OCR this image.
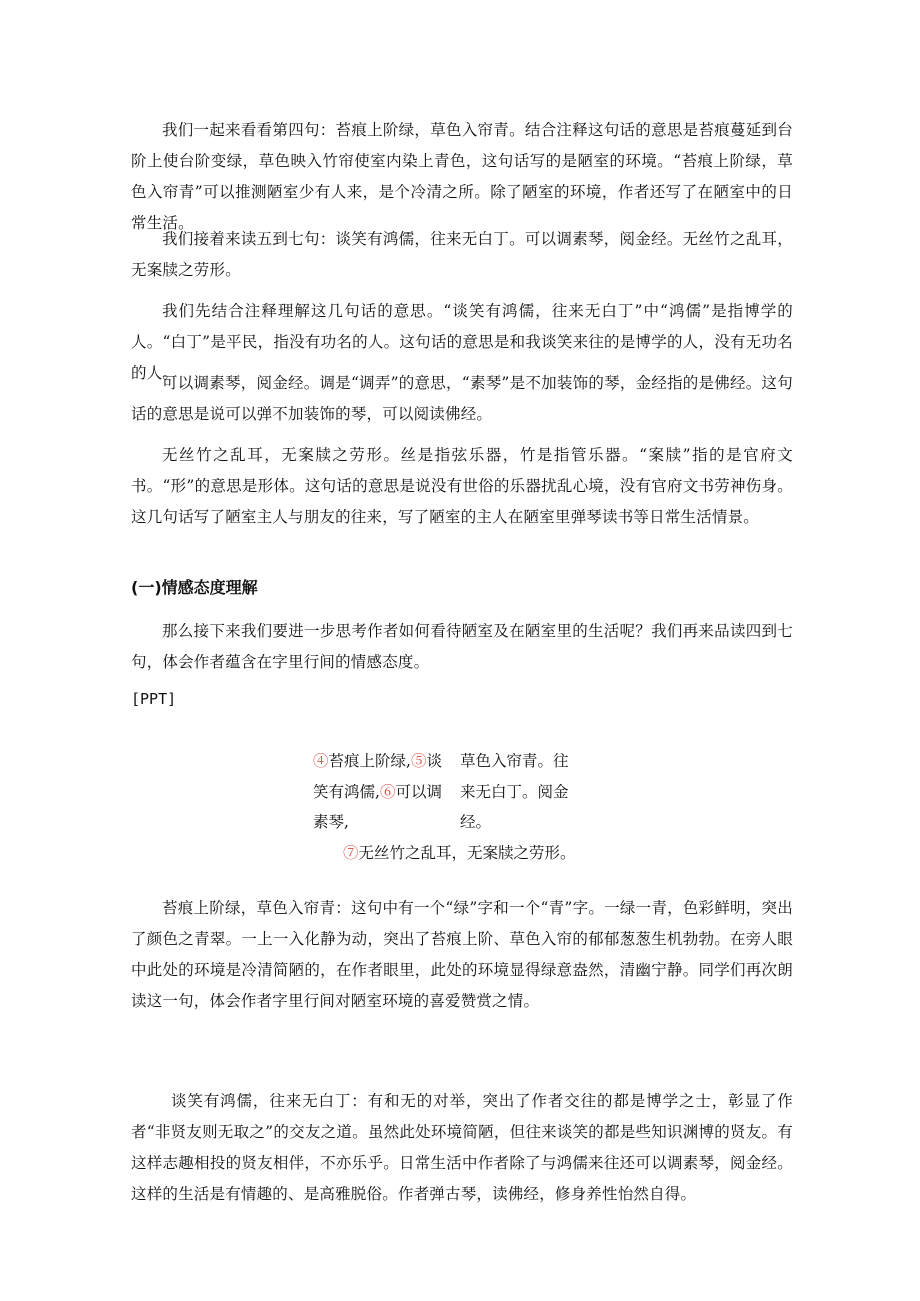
我们一起来看看第四句：苔痕上阶绿，草色入帘青。结合注释这句话的意思是苔痕蔓延到台阶上使台阶变绿，草色映入竹帘使室内染上青色，这句话写的是陋室的环境。“苔痕上阶绿，草色入帘青”可以推测陋室少有人来，是个冷清之所。除了陋室的环境，作者还写了在陋室中的日常生活。

我们接着来读五到七句：谈笑有鸿儒，往来无白丁。可以调素琴，阅金经。无丝竹之乱耳，无案牍之劳形。

我们先结合注释理解这几句话的意思。“谈笑有鸿儒，往来无白丁”中“鸿儒”是指博学的人。“白丁”是平民，指没有功名的人。这句话的意思是和我谈笑来往的是博学的人，没有无功名的人。

可以调素琴，阅金经。调是“调弄”的意思，“素琴”是不加装饰的琴，金经指的是佛经。这句话的意思是说可以弹不加装饰的琴，可以阅读佛经。

无丝竹之乱耳，无案牍之劳形。丝是指弦乐器，竹是指管乐器。“案牍”指的是官府文书。“形”的意思是形体。这句话的意思是说没有世俗的乐器扰乱心境，没有官府文书劳神伤身。这几句话写了陋室主人与朋友的往来，写了陋室的主人在陋室里弹琴读书等日常生活情景。

(一)情感态度理解

那么接下来我们要进一步思考作者如何看待陋室及在陋室里的生活呢？我们再来品读四到七句，体会作者蕴含在字里行间的情感态度。

[PPT]
④苔痕上阶绿,⑤谈
笑有鸿儒,⑥可以调
素琴,
草色入帘青。往
来无白丁。阅金
经。
⑦无丝竹之乱耳，无案牍之劳形。

苔痕上阶绿，草色入帘青：这句中有一个“绿”字和一个“青”字。一绿一青，色彩鲜明，突出了颜色之青翠。一上一入化静为动，突出了苔痕上阶、草色入帘的郁郁葱葱生机勃勃。在旁人眼中此处的环境是冷清简陋的，在作者眼里，此处的环境显得绿意盎然，清幽宁静。同学们再次朗读这一句，体会作者字里行间对陋室环境的喜爱赞赏之情。

谈笑有鸿儒，往来无白丁：有和无的对举，突出了作者交往的都是博学之士，彰显了作者“非贤友则无取之”的交友之道。虽然此处环境简陋，但往来谈笑的都是些知识渊博的贤友。有这样志趣相投的贤友相伴，不亦乐乎。日常生活中作者除了与鸿儒来往还可以调素琴，阅金经。这样的生活是有情趣的、是高雅脱俗。作者弹古琴，读佛经，修身养性怡然自得。
